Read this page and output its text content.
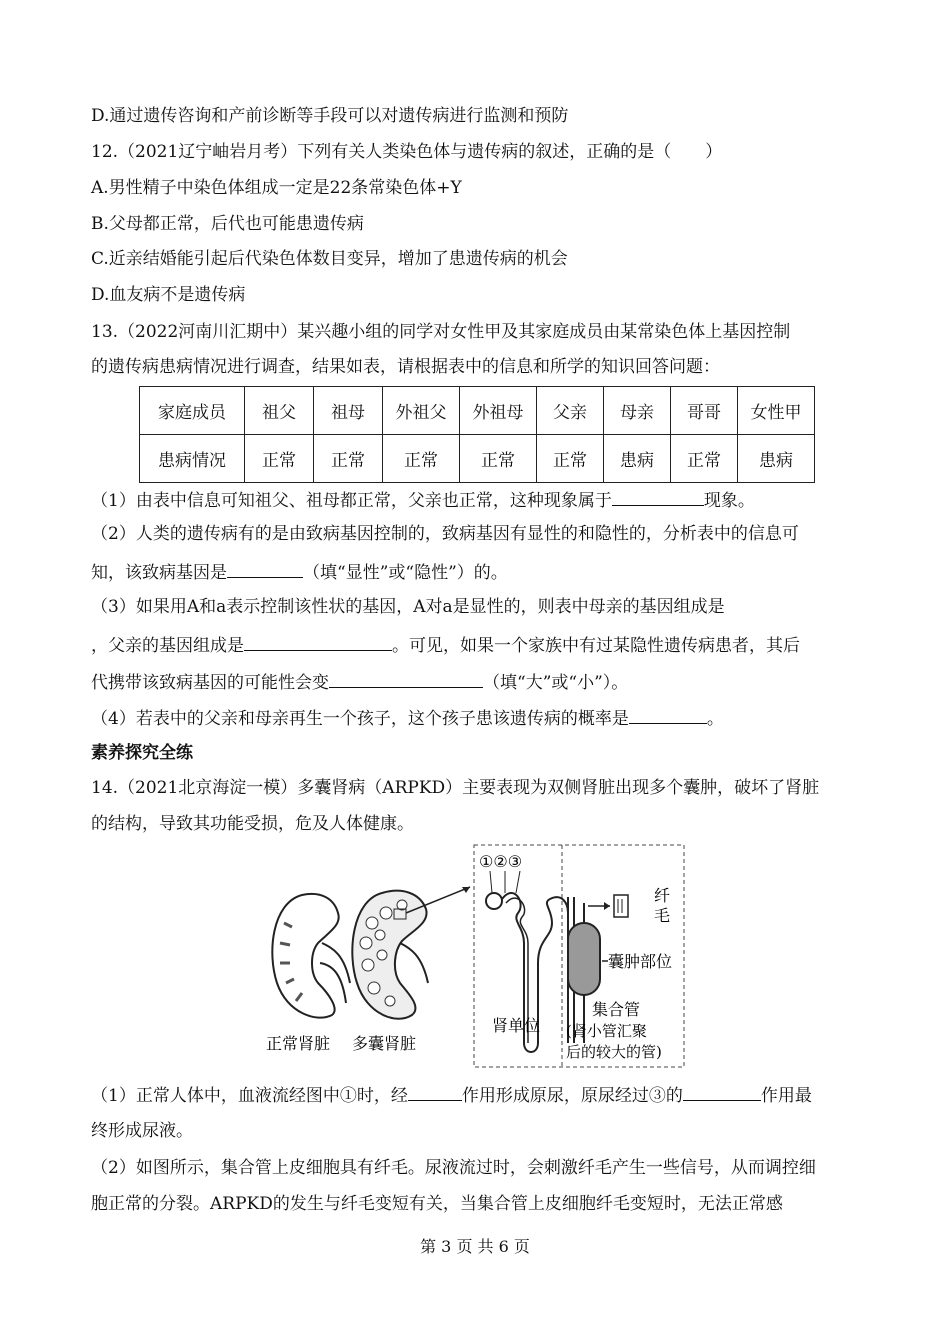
D.通过遗传咨询和产前诊断等手段可以对遗传病进行监测和预防
12.（2021辽宁岫岩月考）下列有关人类染色体与遗传病的叙述，正确的是（　　）
A.男性精子中染色体组成一定是22条常染色体+Y
B.父母都正常，后代也可能患遗传病
C.近亲结婚能引起后代染色体数目变异，增加了患遗传病的机会
D.血友病不是遗传病
13.（2022河南川汇期中）某兴趣小组的同学对女性甲及其家庭成员由某常染色体上基因控制
的遗传病患病情况进行调查，结果如表，请根据表中的信息和所学的知识回答问题：
家庭成员	祖父	祖母	外祖父	外祖母	父亲	母亲	哥哥	女性甲
患病情况	正常	正常	正常	正常	正常	患病	正常	患病
（1）由表中信息可知祖父、祖母都正常，父亲也正常，这种现象属于	现象。
（2）人类的遗传病有的是由致病基因控制的，致病基因有显性的和隐性的，分析表中的信息可
知，该致病基因是	（填“显性”或“隐性”）的。
（3）如果用A和a表示控制该性状的基因，A对a是显性的，则表中母亲的基因组成是
，父亲的基因组成是	。可见，如果一个家族中有过某隐性遗传病患者，其后
代携带该致病基因的可能性会变	（填“大”或“小”）。
（4）若表中的父亲和母亲再生一个孩子，这个孩子患该遗传病的概率是	。
素养探究全练
14.（2021北京海淀一模）多囊肾病（ARPKD）主要表现为双侧肾脏出现多个囊肿，破坏了肾脏
的结构，导致其功能受损，危及人体健康。
①②③
纤
毛
囊肿部位
集合管
(肾小管汇聚
后的较大的管)
正常肾脏 多囊肾脏
肾单位
（1）正常人体中，血液流经图中①时，经	作用形成原尿，原尿经过③的	作用最
终形成尿液。
（2）如图所示，集合管上皮细胞具有纤毛。尿液流过时，会刺激纤毛产生一些信号，从而调控细
胞正常的分裂。ARPKD的发生与纤毛变短有关，当集合管上皮细胞纤毛变短时，无法正常感
第 3 页 共 6 页
